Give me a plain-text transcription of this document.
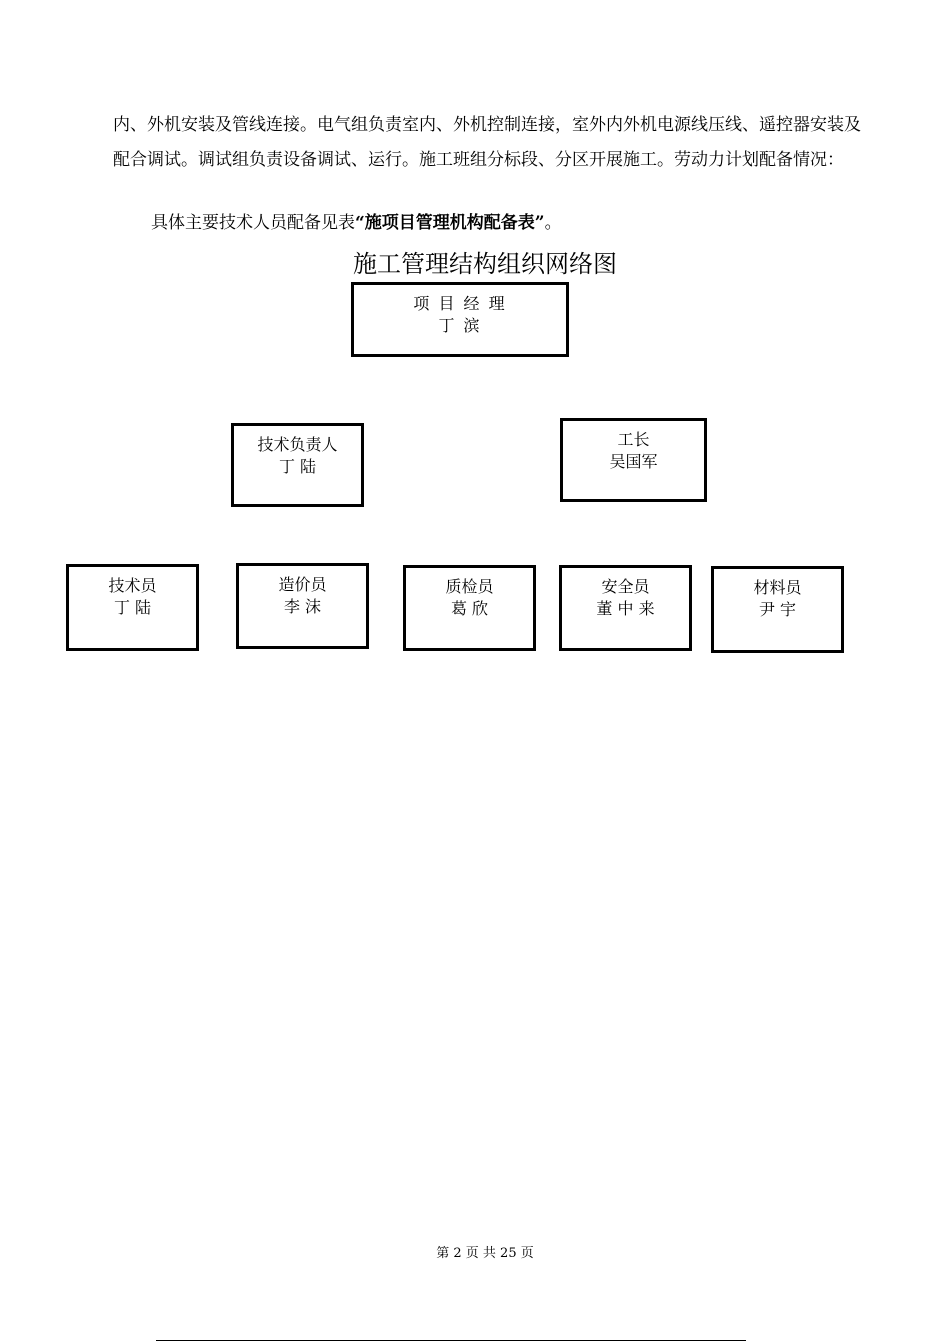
内、外机安装及管线连接。电气组负责室内、外机控制连接，室外内外机电源线压线、遥控器安装及配合调试。调试组负责设备调试、运行。施工班组分标段、分区开展施工。劳动力计划配备情况：

具体主要技术人员配备见表“施项目管理机构配备表”。

施工管理结构组织网络图
项 目 经 理
丁 滨
技术负责人
丁 陆
工长
吴国军
技术员
丁 陆
造价员
李 沫
质检员
葛 欣
安全员
董 中 来
材料员
尹 宇
第 2 页 共 25 页
